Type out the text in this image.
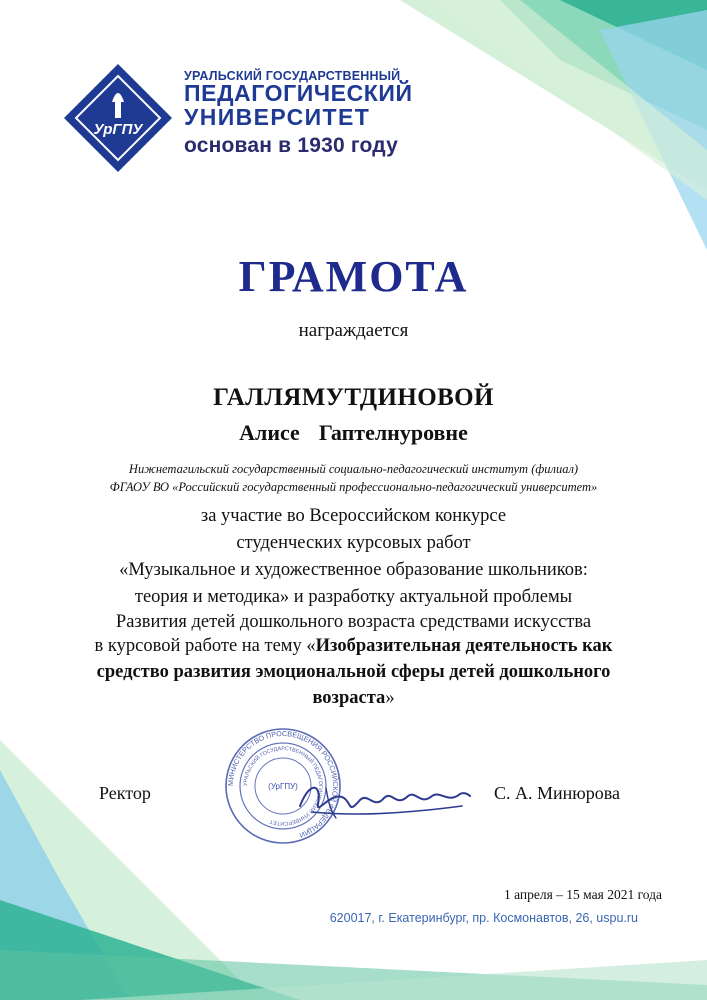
УрГПУ
УРАЛЬСКИЙ ГОСУДАРСТВЕННЫЙ
ПЕДАГОГИЧЕСКИЙ
УНИВЕРСИТЕТ
основан в 1930 году
ГРАМОТА
награждается
ГАЛЛЯМУТДИНОВОЙ
Алисе  Гаптелнуровне
Нижнетагильский государственный социально-педагогический институт (филиал)
ФГАОУ ВО «Российский государственный профессионально-педагогический университет»
за участие во Всероссийском конкурсе
студенческих курсовых работ
«Музыкальное и художественное образование школьников:
теория и методика» и разработку актуальной проблемы
Развития детей дошкольного возраста средствами искусства
в курсовой работе на тему «Изобразительная деятельность как
средство развития эмоциональной сферы детей дошкольного
возраста»
Ректор
МИНИСТЕРСТВО ПРОСВЕЩЕНИЯ РОССИЙСКОЙ ФЕДЕРАЦИИ
УРАЛЬСКИЙ ГОСУДАРСТВЕННЫЙ ПЕДАГОГИЧЕСКИЙ УНИВЕРСИТЕТ
(УрГПУ)	С. А. Минюрова
1 апреля – 15 мая 2021 года
620017, г. Екатеринбург, пр. Космонавтов, 26, uspu.ru
